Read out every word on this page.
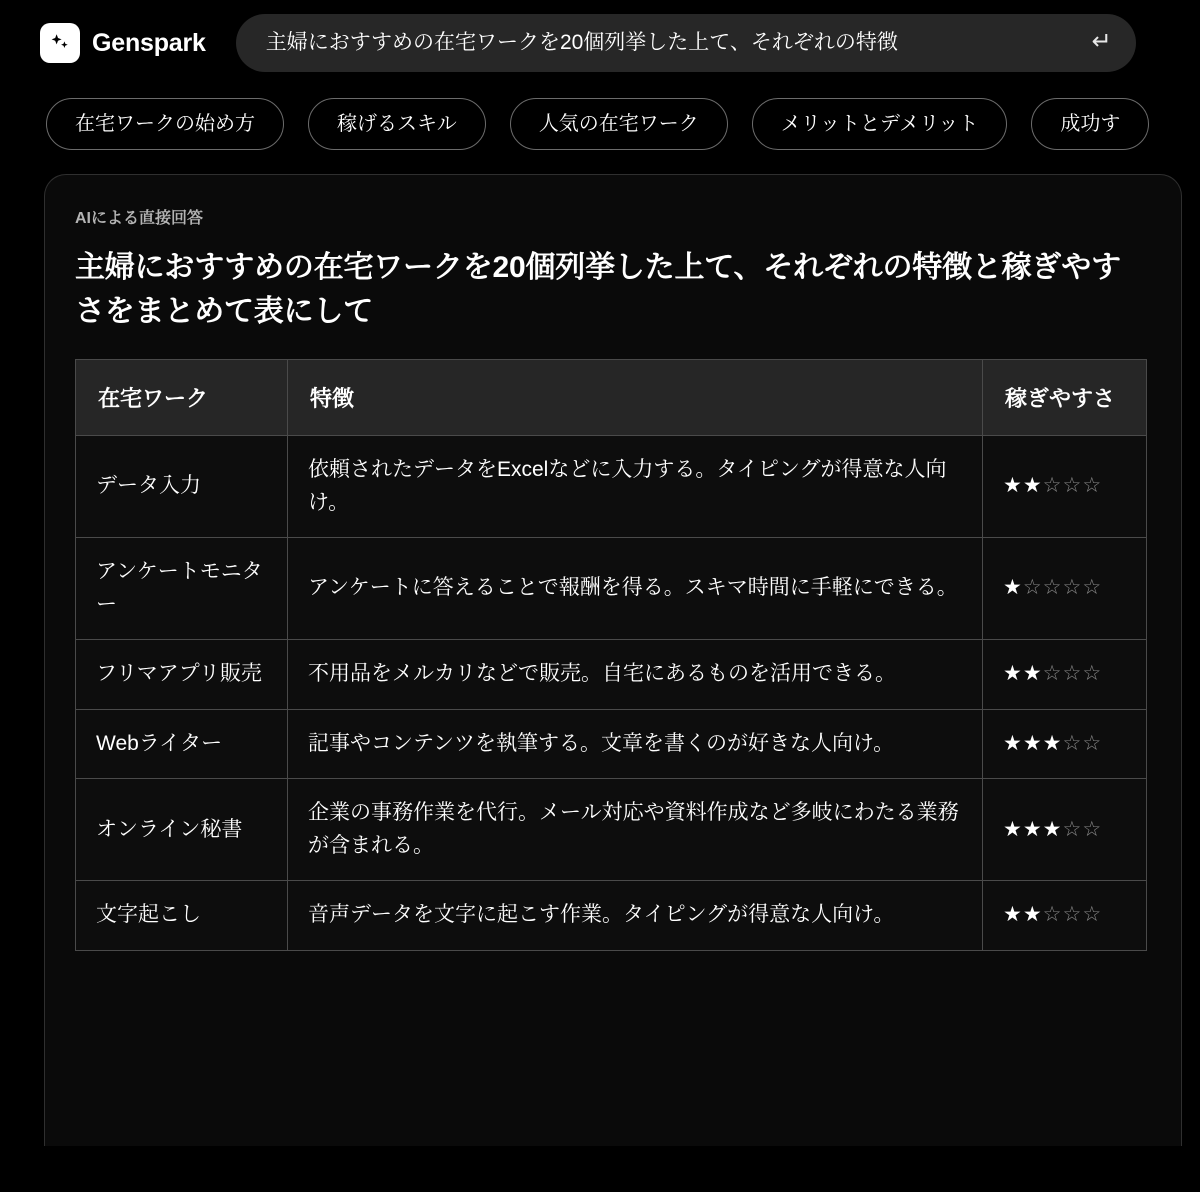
Genspark	主婦におすすめの在宅ワークを20個列挙した上て、それぞれの特徴	↵
在宅ワークの始め方	稼げるスキル	人気の在宅ワーク	メリットとデメリット	成功す
AIによる直接回答
主婦におすすめの在宅ワークを20個列挙した上て、それぞれの特徴と稼ぎやすさをまとめて表にして
在宅ワーク	特徴	稼ぎやすさ
データ入力	依頼されたデータをExcelなどに入力する。タイピングが得意な人向け。	★★☆☆☆
アンケートモニター	アンケートに答えることで報酬を得る。スキマ時間に手軽にできる。	★☆☆☆☆
フリマアプリ販売	不用品をメルカリなどで販売。自宅にあるものを活用できる。	★★☆☆☆
Webライター	記事やコンテンツを執筆する。文章を書くのが好きな人向け。	★★★☆☆
オンライン秘書	企業の事務作業を代行。メール対応や資料作成など多岐にわたる業務が含まれる。	★★★☆☆
文字起こし	音声データを文字に起こす作業。タイピングが得意な人向け。	★★☆☆☆
